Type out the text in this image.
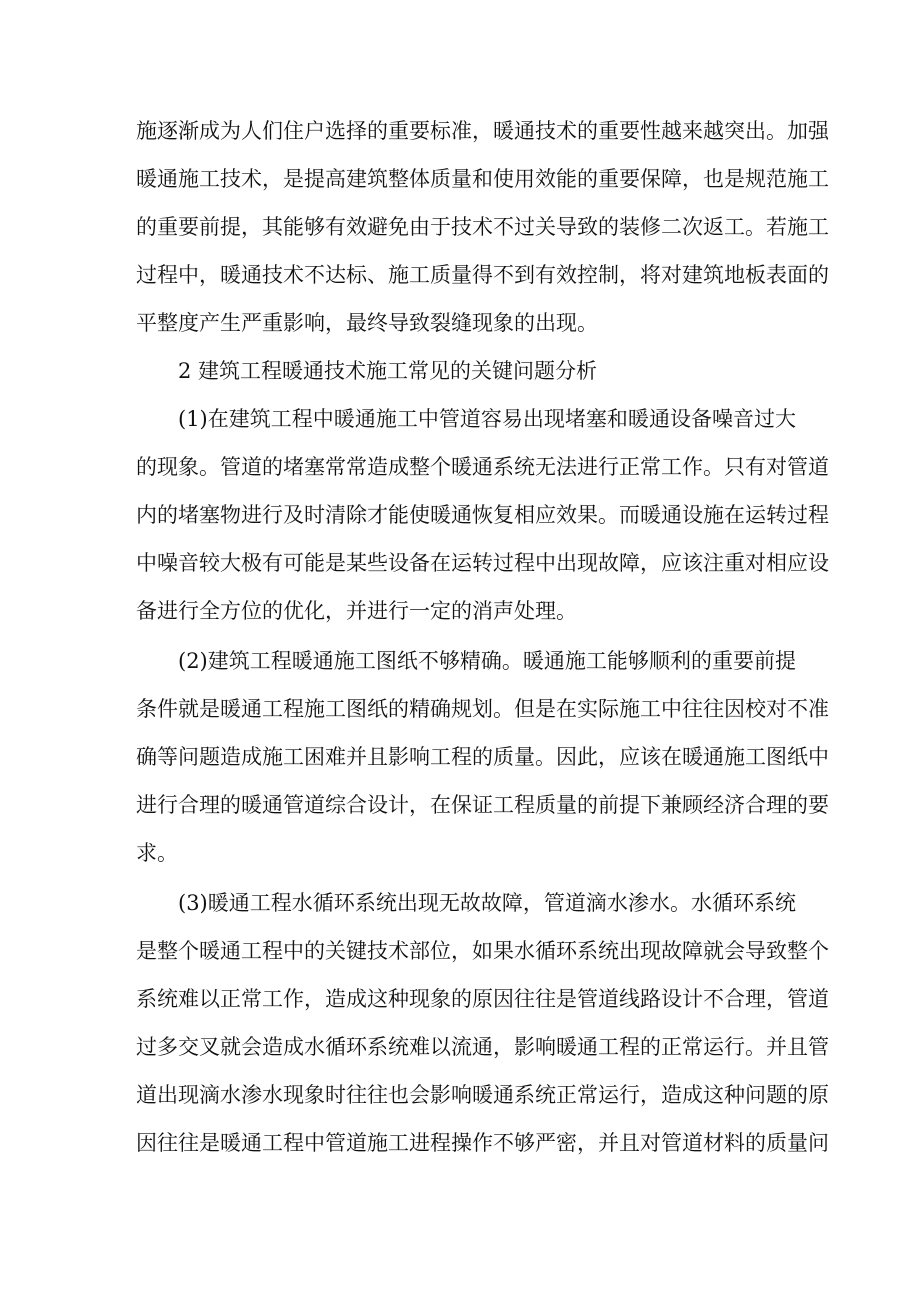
施逐渐成为人们住户选择的重要标准，暖通技术的重要性越来越突出。加强
暖通施工技术，是提高建筑整体质量和使用效能的重要保障，也是规范施工
的重要前提，其能够有效避免由于技术不过关导致的装修二次返工。若施工
过程中，暖通技术不达标、施工质量得不到有效控制，将对建筑地板表面的
平整度产生严重影响，最终导致裂缝现象的出现。
2 建筑工程暖通技术施工常见的关键问题分析
(1)在建筑工程中暖通施工中管道容易出现堵塞和暖通设备噪音过大
的现象。管道的堵塞常常造成整个暖通系统无法进行正常工作。只有对管道
内的堵塞物进行及时清除才能使暖通恢复相应效果。而暖通设施在运转过程
中噪音较大极有可能是某些设备在运转过程中出现故障，应该注重对相应设
备进行全方位的优化，并进行一定的消声处理。
(2)建筑工程暖通施工图纸不够精确。暖通施工能够顺利的重要前提
条件就是暖通工程施工图纸的精确规划。但是在实际施工中往往因校对不准
确等问题造成施工困难并且影响工程的质量。因此，应该在暖通施工图纸中
进行合理的暖通管道综合设计，在保证工程质量的前提下兼顾经济合理的要
求。
(3)暖通工程水循环系统出现无故故障，管道滴水渗水。水循环系统
是整个暖通工程中的关键技术部位，如果水循环系统出现故障就会导致整个
系统难以正常工作，造成这种现象的原因往往是管道线路设计不合理，管道
过多交叉就会造成水循环系统难以流通，影响暖通工程的正常运行。并且管
道出现滴水渗水现象时往往也会影响暖通系统正常运行，造成这种问题的原
因往往是暖通工程中管道施工进程操作不够严密，并且对管道材料的质量问
